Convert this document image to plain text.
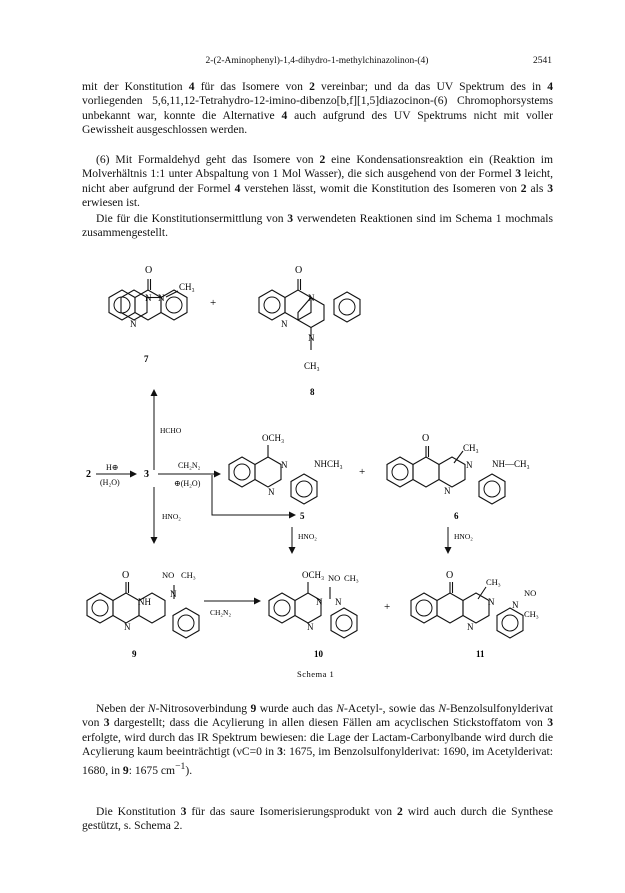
2-(2-Aminophenyl)-1,4-dihydro-1-methylchinazolinon-(4)	2541

mit der Konstitution 4 für das Isomere von 2 vereinbar; und da das UV Spektrum des in 4 vorliegenden 5,6,11,12-Tetrahydro-12-imino-dibenzo[b,f][1,5]diazocinon-(6) Chromophorsystems unbekannt war, konnte die Alternative 4 auch aufgrund des UV Spektrums nicht mit voller Gewissheit ausgeschlossen werden.

(6) Mit Formaldehyd geht das Isomere von 2 eine Kondensationsreaktion ein (Reaktion im Molverhältnis 1:1 unter Abspaltung von 1 Mol Wasser), die sich ausgehend von der Formel 3 leicht, nicht aber aufgrund der Formel 4 verstehen lässt, womit die Konstitution des Isomeren von 2 als 3 erwiesen ist.

Die für die Konstitutionsermittlung von 3 verwendeten Reaktionen sind im Schema 1 mochmals zusammengestellt.

O
N
N
N
CH₃
+
7
O
N
N
N
CH₃
8
HCHO
2
H⊕
(H₂O)
3
CH₂N₂
⊕(H₂O)
HNO₂
OCH₃
N
N
NHCH₃
+
5
HNO₂
O
CH₃
N
N
NH—CH₃
6
HNO₂
O
NH
N
NO CH₃
N
9
CH₂N₂
OCH₃
N
N
NO CH₃
N	+
10
O
CH₃
N
N
NO
N
CH₃
11
Schema 1

Neben der N-Nitrosoverbindung 9 wurde auch das N-Acetyl-, sowie das N-Benzolsulfonylderivat von 3 dargestellt; dass die Acylierung in allen diesen Fällen am acyclischen Stickstoffatom von 3 erfolgte, wird durch das IR Spektrum bewiesen: die Lage der Lactam-Carbonylbande wird durch die Acylierung kaum beeinträchtigt (νC=0 in 3: 1675, im Benzolsulfonylderivat: 1690, im Acetylderivat: 1680, in 9: 1675 $cm^{-1}$).

Die Konstitution 3 für das saure Isomerisierungsprodukt von 2 wird auch durch die Synthese gestützt, s. Schema 2.
